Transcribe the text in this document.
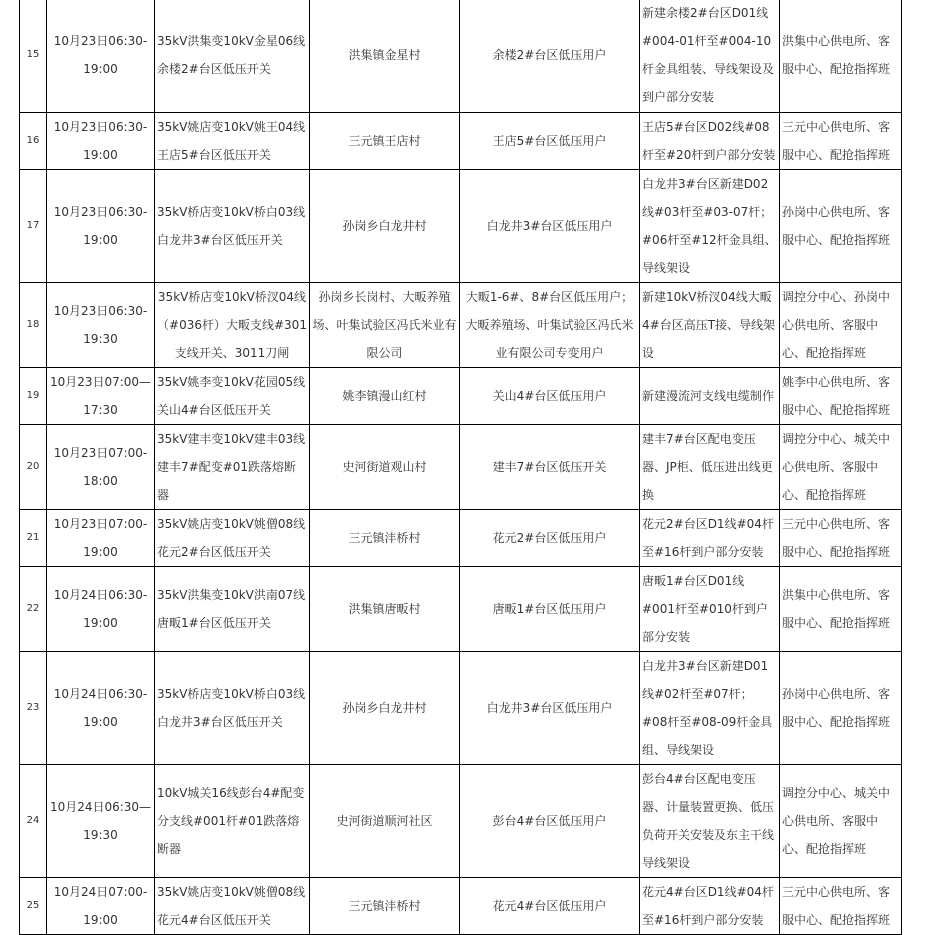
15	10月23日06:30-19:00	35kV洪集变10kV金星06线余楼2#台区低压开关	洪集镇金星村	余楼2#台区低压用户	新建余楼2#台区D01线#004-01杆至#004-10杆金具组装、导线架设及到户部分安装	洪集中心供电所、客服中心、配抢指挥班
16	10月23日06:30-19:00	35kV姚店变10kV姚王04线王店5#台区低压开关	三元镇王店村	王店5#台区低压用户	王店5#台区D02线#08杆至#20杆到户部分安装	三元中心供电所、客服中心、配抢指挥班
17	10月23日06:30-19:00	35kV桥店变10kV桥白03线白龙井3#台区低压开关	孙岗乡白龙井村	白龙井3#台区低压用户	白龙井3#台区新建D02线#03杆至#03-07杆；#06杆至#12杆金具组、导线架设	孙岗中心供电所、客服中心、配抢指挥班
18	10月23日06:30-19:30	35kV桥店变10kV桥汊04线（#036杆）大畈支线#301支线开关、3011刀闸	孙岗乡长岗村、大畈养殖场、叶集试验区冯氏米业有限公司	大畈1-6#、8#台区低压用户；大畈养殖场、叶集试验区冯氏米业有限公司专变用户	新建10kV桥汊04线大畈4#台区高压T接、导线架设	调控分中心、孙岗中心供电所、客服中心、配抢指挥班
19	10月23日07:00—17:30	35kV姚李变10kV花园05线关山4#台区低压开关	姚李镇漫山红村	关山4#台区低压用户	新建漫流河支线电缆制作	姚李中心供电所、客服中心、配抢指挥班
20	10月23日07:00-18:00	35kV建丰变10kV建丰03线建丰7#配变#01跌落熔断器	史河街道观山村	建丰7#台区低压开关	建丰7#台区配电变压器、JP柜、低压进出线更换	调控分中心、城关中心供电所、客服中心、配抢指挥班
21	10月23日07:00-19:00	35kV姚店变10kV姚僧08线花元2#台区低压开关	三元镇沣桥村	花元2#台区低压用户	花元2#台区D1线#04杆至#16杆到户部分安装	三元中心供电所、客服中心、配抢指挥班
22	10月24日06:30-19:00	35kV洪集变10kV洪南07线唐畈1#台区低压开关	洪集镇唐畈村	唐畈1#台区低压用户	唐畈1#台区D01线#001杆至#010杆到户部分安装	洪集中心供电所、客服中心、配抢指挥班
23	10月24日06:30-19:00	35kV桥店变10kV桥白03线白龙井3#台区低压开关	孙岗乡白龙井村	白龙井3#台区低压用户	白龙井3#台区新建D01线#02杆至#07杆；#08杆至#08-09杆金具组、导线架设	孙岗中心供电所、客服中心、配抢指挥班
24	10月24日06:30—19:30	10kV城关16线彭台4#配变分支线#001杆#01跌落熔断器	史河街道顺河社区	彭台4#台区低压用户	彭台4#台区配电变压器、计量装置更换、低压负荷开关安装及东主干线导线架设	调控分中心、城关中心供电所、客服中心、配抢指挥班
25	10月24日07:00-19:00	35kV姚店变10kV姚僧08线花元4#台区低压开关	三元镇沣桥村	花元4#台区低压用户	花元4#台区D1线#04杆至#16杆到户部分安装	三元中心供电所、客服中心、配抢指挥班
